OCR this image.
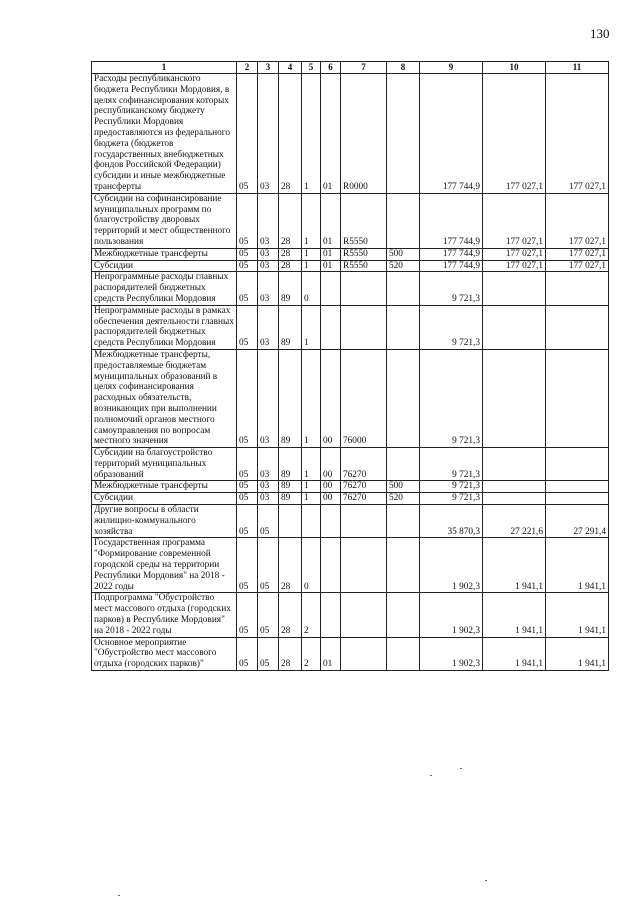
130
1	2	3	4	5	6	7	8	9	10	11
Расходы республиканского бюджета Республики Мордовия, в целях софинансирования которых республиканскому бюджету Республики Мордовия предоставляются из федерального бюджета (бюджетов государственных внебюджетных фондов Российской Федерации) субсидии и иные межбюджетные трансферты	05	03	28	1	01	R0000		177 744,9	177 027,1	177 027,1
Субсидии на софинансирование муниципальных программ по благоустройству дворовых территорий и мест общественного пользования	05	03	28	1	01	R5550		177 744,9	177 027,1	177 027,1
Межбюджетные трансферты	05	03	28	1	01	R5550	500	177 744,9	177 027,1	177 027,1
Субсидии	05	03	28	1	01	R5550	520	177 744,9	177 027,1	177 027,1
Непрограммные расходы главных распорядителей бюджетных средств Республики Мордовия	05	03	89	0				9 721,3		
Непрограммные расходы в рамках обеспечения деятельности главных распорядителей бюджетных средств Республики Мордовия	05	03	89	1				9 721,3		
Межбюджетные трансферты, предоставляемые бюджетам муниципальных образований в целях софинансирования расходных обязательств, возникающих при выполнении полномочий органов местного самоуправления по вопросам местного значения	05	03	89	1	00	76000		9 721,3		
Субсидии на благоустройство территорий муниципальных образований	05	03	89	1	00	76270		9 721,3		
Межбюджетные трансферты	05	03	89	1	00	76270	500	9 721,3		
Субсидии	05	03	89	1	00	76270	520	9 721,3		
Другие вопросы в области жилищно-коммунального хозяйства	05	05						35 870,3	27 221,6	27 291,4
Государственная программа "Формирование современной городской среды на территории Республики Мордовия" на 2018 - 2022 годы	05	05	28	0				1 902,3	1 941,1	1 941,1
Подпрограмма "Обустройство мест массового отдыха (городских парков) в Республике Мордовия" на 2018 - 2022 годы	05	05	28	2				1 902,3	1 941,1	1 941,1
Основное мероприятие "Обустройство мест массового отдыха (городских парков)"	05	05	28	2	01			1 902,3	1 941,1	1 941,1
